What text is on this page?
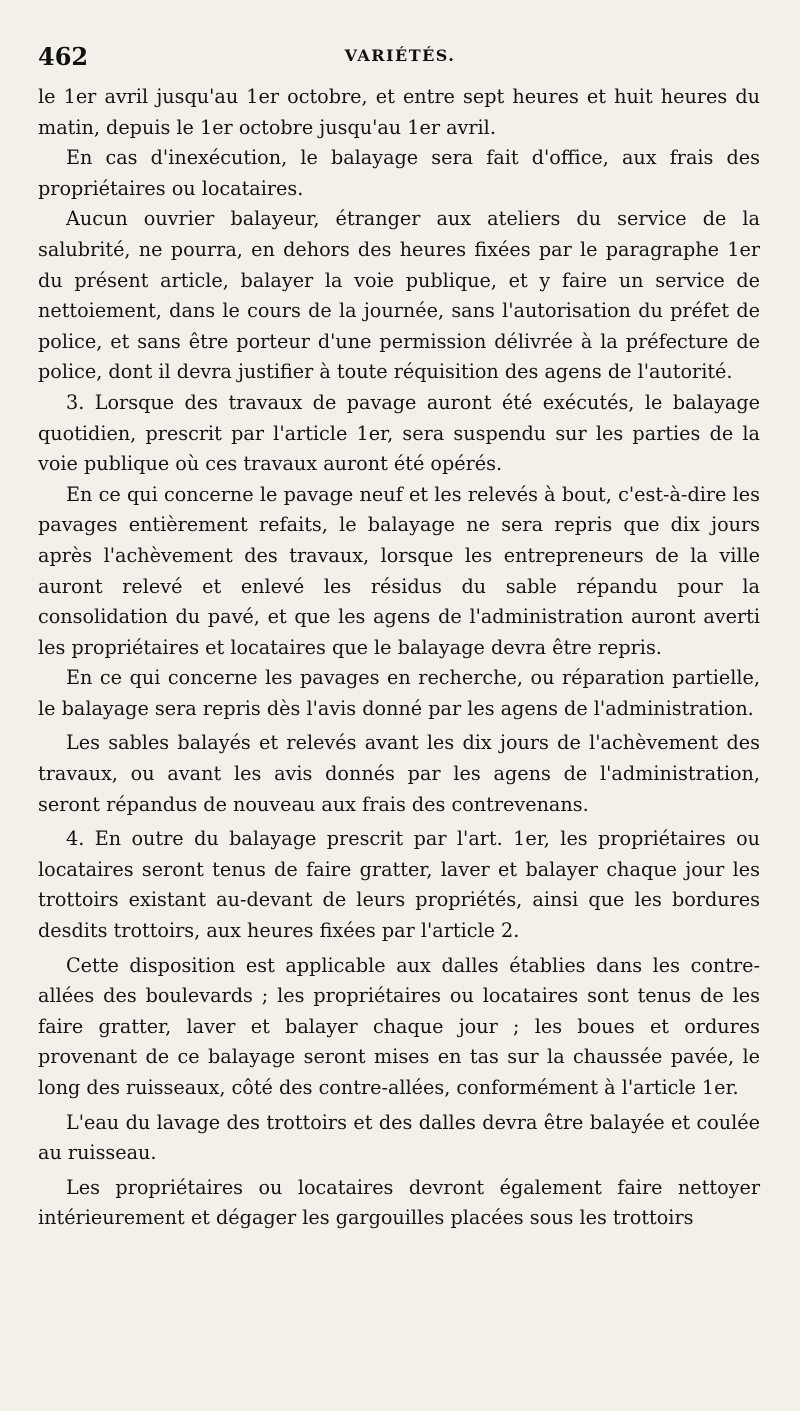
462	VARIÉTÉS.

le 1er avril jusqu'au 1er octobre, et entre sept heures et huit heures du matin, depuis le 1er octobre jusqu'au 1er avril.

En cas d'inexécution, le balayage sera fait d'office, aux frais des propriétaires ou locataires.

Aucun ouvrier balayeur, étranger aux ateliers du service de la salubrité, ne pourra, en dehors des heures fixées par le paragraphe 1er du présent article, balayer la voie publique, et y faire un service de nettoiement, dans le cours de la journée, sans l'autorisation du préfet de police, et sans être porteur d'une permission délivrée à la préfecture de police, dont il devra justifier à toute réquisition des agens de l'autorité.

3. Lorsque des travaux de pavage auront été exécutés, le balayage quotidien, prescrit par l'article 1er, sera suspendu sur les parties de la voie publique où ces travaux auront été opérés.

En ce qui concerne le pavage neuf et les relevés à bout, c'est-à-dire les pavages entièrement refaits, le balayage ne sera repris que dix jours après l'achèvement des travaux, lorsque les entrepreneurs de la ville auront relevé et enlevé les résidus du sable répandu pour la consolidation du pavé, et que les agens de l'administration auront averti les propriétaires et locataires que le balayage devra être repris.

En ce qui concerne les pavages en recherche, ou réparation partielle, le balayage sera repris dès l'avis donné par les agens de l'administration.

Les sables balayés et relevés avant les dix jours de l'achèvement des travaux, ou avant les avis donnés par les agens de l'administration, seront répandus de nouveau aux frais des contrevenans.

4. En outre du balayage prescrit par l'art. 1er, les propriétaires ou locataires seront tenus de faire gratter, laver et balayer chaque jour les trottoirs existant au-devant de leurs propriétés, ainsi que les bordures desdits trottoirs, aux heures fixées par l'article 2.

Cette disposition est applicable aux dalles établies dans les contre-allées des boulevards ; les propriétaires ou locataires sont tenus de les faire gratter, laver et balayer chaque jour ; les boues et ordures provenant de ce balayage seront mises en tas sur la chaussée pavée, le long des ruisseaux, côté des contre-allées, conformément à l'article 1er.

L'eau du lavage des trottoirs et des dalles devra être balayée et coulée au ruisseau.

Les propriétaires ou locataires devront également faire nettoyer intérieurement et dégager les gargouilles placées sous les trottoirs
